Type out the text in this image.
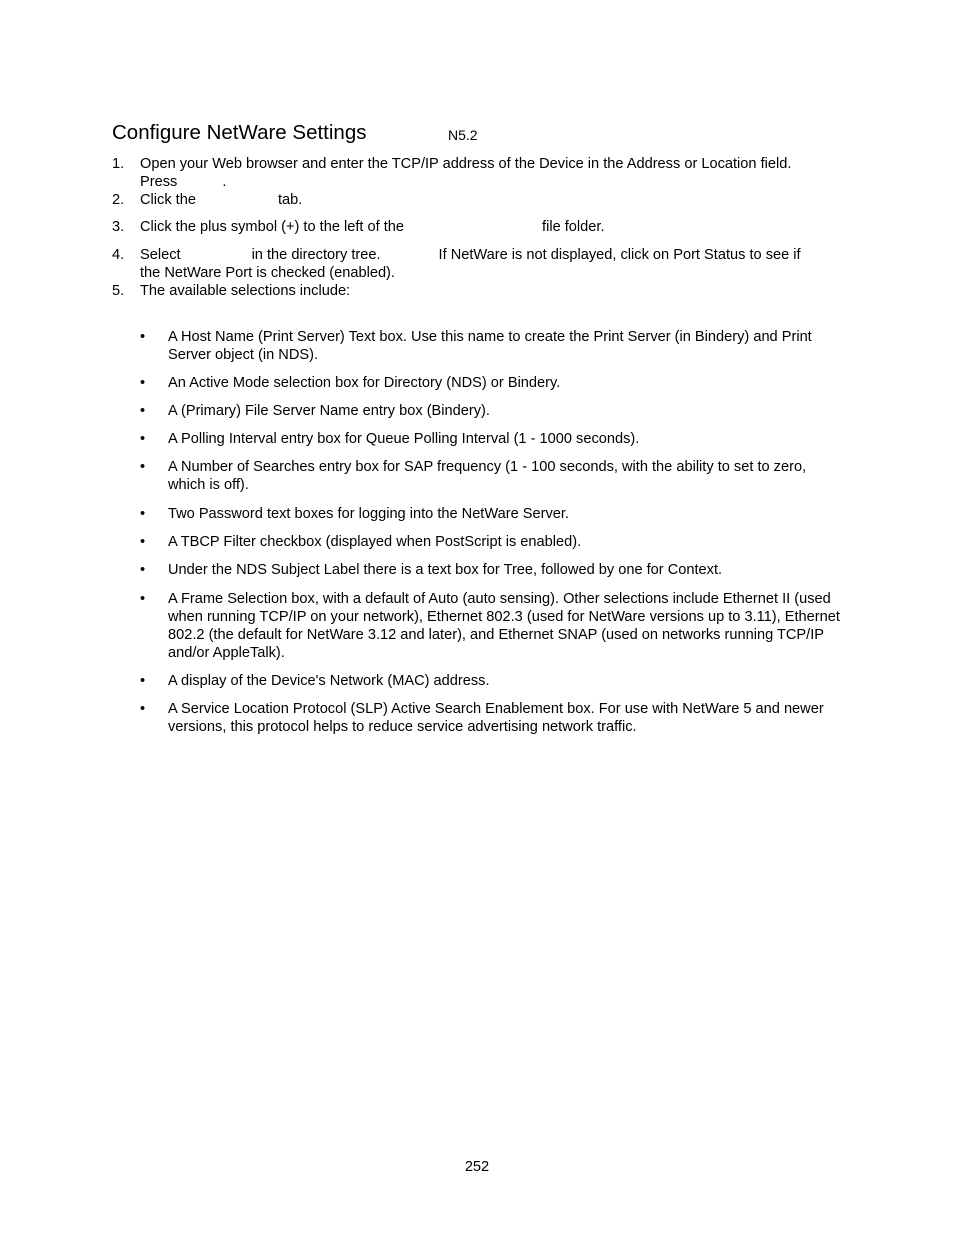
Configure NetWare Settings	N5.2
1. Open your Web browser and enter the TCP/IP address of the Device in the Address or Location field.
Press	.
2. Click the	tab.
3. Click the plus symbol (+) to the left of the	file folder.
4. Select	in the directory tree.	If NetWare is not displayed, click on Port Status to see if
the NetWare Port is checked (enabled).
5. The available selections include:
• A Host Name (Print Server) Text box. Use this name to create the Print Server (in Bindery) and Print Server object (in NDS).
• An Active Mode selection box for Directory (NDS) or Bindery.
• A (Primary) File Server Name entry box (Bindery).
• A Polling Interval entry box for Queue Polling Interval (1 - 1000 seconds).
• A Number of Searches entry box for SAP frequency (1 - 100 seconds, with the ability to set to zero, which is off).
• Two Password text boxes for logging into the NetWare Server.
• A TBCP Filter checkbox (displayed when PostScript is enabled).
• Under the NDS Subject Label there is a text box for Tree, followed by one for Context.
• A Frame Selection box, with a default of Auto (auto sensing). Other selections include Ethernet II (used when running TCP/IP on your network), Ethernet 802.3 (used for NetWare versions up to 3.11), Ethernet 802.2 (the default for NetWare 3.12 and later), and Ethernet SNAP (used on networks running TCP/IP and/or AppleTalk).
• A display of the Device's Network (MAC) address.
• A Service Location Protocol (SLP) Active Search Enablement box. For use with NetWare 5 and newer versions, this protocol helps to reduce service advertising network traffic.
252
